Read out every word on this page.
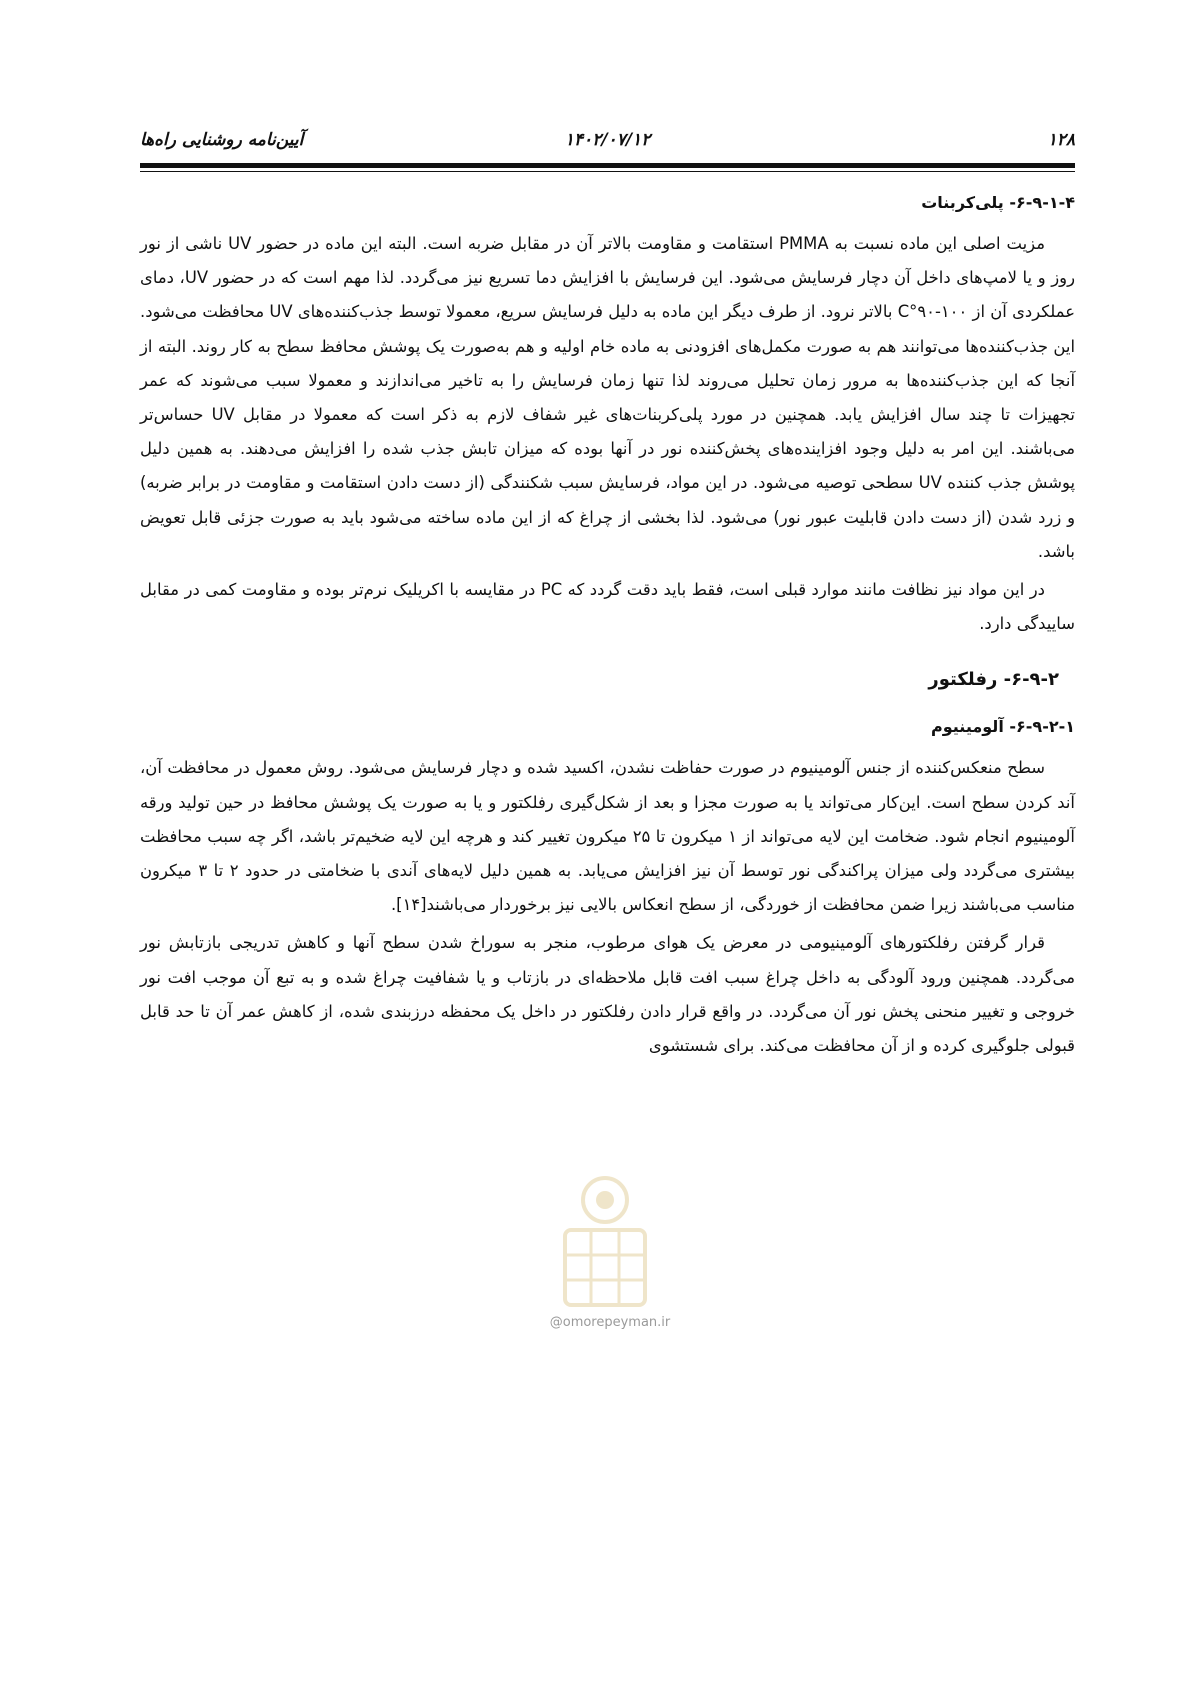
۱۲۸
۱۴۰۲/۰۷/۱۲
آیین‌نامه روشنایی راه‌ها
۶-۹-۱-۴- پلی‌کربنات

مزیت اصلی این ماده نسبت به PMMA استقامت و مقاومت بالاتر آن در مقابل ضربه است. البته این ماده در حضور UV ناشی از نور روز و یا لامپ‌های داخل آن دچار فرسایش می‌شود. این فرسایش با افزایش دما تسریع نیز می‌گردد. لذا مهم است که در حضور UV، دمای عملکردی آن از ۱۰۰-۹۰°C بالاتر نرود. از طرف دیگر این ماده به دلیل فرسایش سریع، معمولا توسط جذب‌کننده‌های UV محافظت می‌شود. این جذب‌کننده‌ها می‌توانند هم به صورت مکمل‌های افزودنی به ماده خام اولیه و هم به‌صورت یک پوشش محافظ سطح به کار روند. البته از آنجا که این جذب‌کننده‌ها به مرور زمان تحلیل می‌روند لذا تنها زمان فرسایش را به تاخیر می‌اندازند و معمولا سبب می‌شوند که عمر تجهیزات تا چند سال افزایش یابد. همچنین در مورد پلی‌کربنات‌های غیر شفاف لازم به ذکر است که معمولا در مقابل UV حساس‌تر می‌باشند. این امر به دلیل وجود افزاینده‌های پخش‌کننده نور در آنها بوده که میزان تابش جذب شده را افزایش می‌دهند. به همین دلیل پوشش جذب کننده UV سطحی توصیه می‌شود. در این مواد، فرسایش سبب شکنندگی (از دست دادن استقامت و مقاومت در برابر ضربه) و زرد شدن (از دست دادن قابلیت عبور نور) می‌شود. لذا بخشی از چراغ که از این ماده ساخته می‌شود باید به صورت جزئی قابل تعویض باشد.

در این مواد نیز نظافت مانند موارد قبلی است، فقط باید دقت گردد که PC در مقایسه با اکریلیک نرم‌تر بوده و مقاومت کمی در مقابل ساییدگی دارد.

۶-۹-۲- رفلکتور
۶-۹-۲-۱- آلومینیوم

سطح منعکس‌کننده از جنس آلومینیوم در صورت حفاظت نشدن، اکسید شده و دچار فرسایش می‌شود. روش معمول در محافظت آن، آند کردن سطح است. این‌کار می‌تواند یا به صورت مجزا و بعد از شکل‌گیری رفلکتور و یا به صورت یک پوشش محافظ در حین تولید ورقه آلومینیوم انجام شود. ضخامت این لایه می‌تواند از ۱ میکرون تا ۲۵ میکرون تغییر کند و هرچه این لایه ضخیم‌تر باشد، اگر چه سبب محافظت بیشتری می‌گردد ولی میزان پراکندگی نور توسط آن نیز افزایش می‌یابد. به همین دلیل لایه‌های آندی با ضخامتی در حدود ۲ تا ۳ میکرون مناسب می‌باشند زیرا ضمن محافظت از خوردگی، از سطح انعکاس بالایی نیز برخوردار می‌باشند[۱۴].

قرار گرفتن رفلکتورهای آلومینیومی در معرض یک هوای مرطوب، منجر به سوراخ شدن سطح آنها و کاهش تدریجی بازتابش نور می‌گردد. همچنین ورود آلودگی به داخل چراغ سبب افت قابل ملاحظه‌ای در بازتاب و یا شفافیت چراغ شده و به تبع آن موجب افت نور خروجی و تغییر منحنی پخش نور آن می‌گردد. در واقع قرار دادن رفلکتور در داخل یک محفظه درزبندی شده، از کاهش عمر آن تا حد قابل قبولی جلوگیری کرده و از آن محافظت می‌کند. برای شستشوی

@omorepeyman.ir
